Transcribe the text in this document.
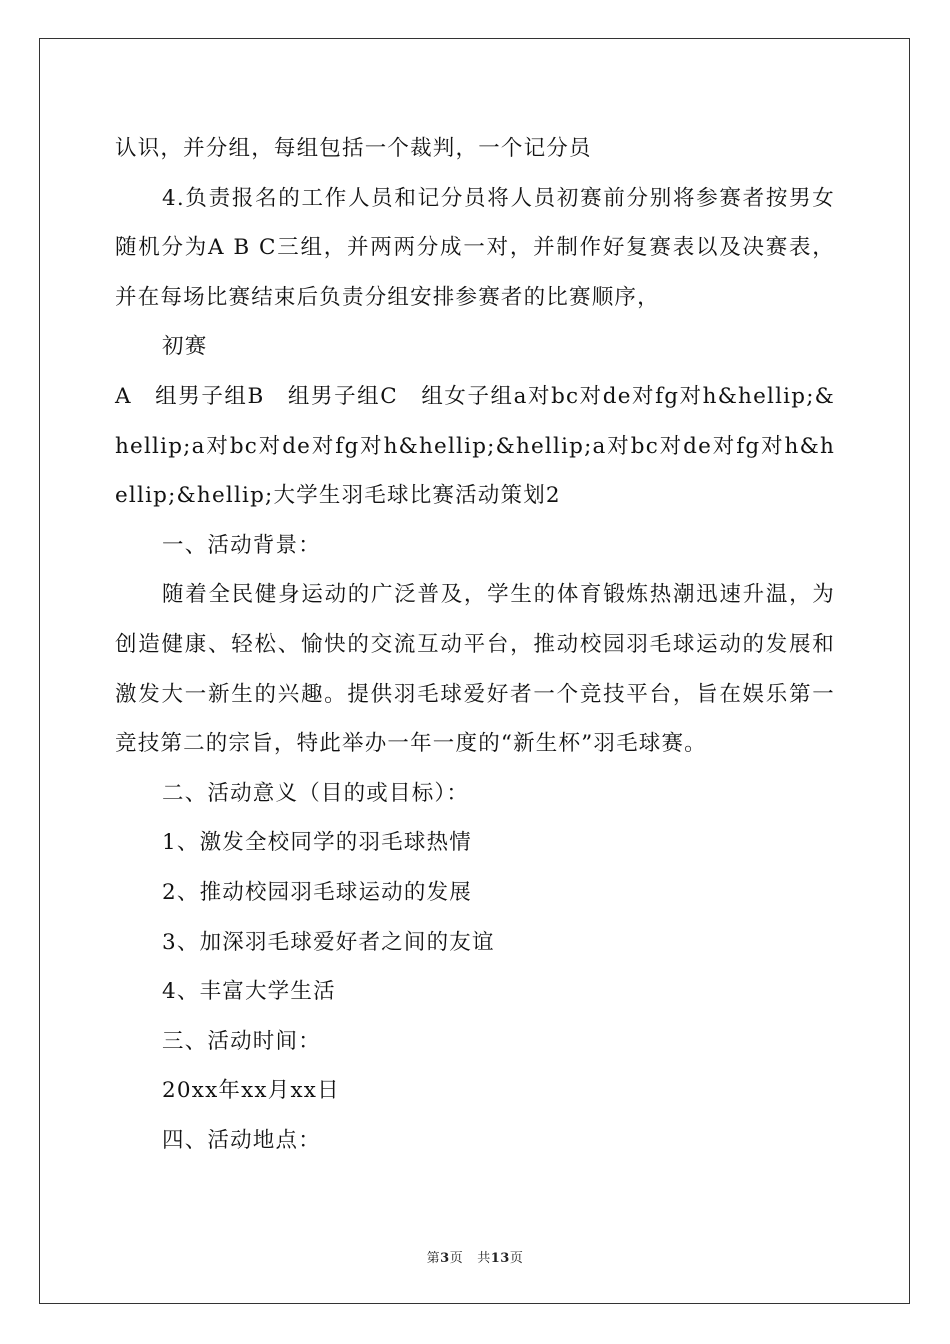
认识，并分组，每组包括一个裁判，一个记分员

4.负责报名的工作人员和记分员将人员初赛前分别将参赛者按男女随机分为A B C三组，并两两分成一对，并制作好复赛表以及决赛表，并在每场比赛结束后负责分组安排参赛者的比赛顺序，

初赛

A　组男子组B　组男子组C　组女子组a对bc对de对fg对h&hellip;&hellip;a对bc对de对fg对h&hellip;&hellip;a对bc对de对fg对h&hellip;&hellip;大学生羽毛球比赛活动策划2

一、活动背景：

随着全民健身运动的广泛普及，学生的体育锻炼热潮迅速升温，为创造健康、轻松、愉快的交流互动平台，推动校园羽毛球运动的发展和激发大一新生的兴趣。提供羽毛球爱好者一个竞技平台，旨在娱乐第一竞技第二的宗旨，特此举办一年一度的“新生杯”羽毛球赛。

二、活动意义（目的或目标）：

1、激发全校同学的羽毛球热情

2、推动校园羽毛球运动的发展

3、加深羽毛球爱好者之间的友谊

4、丰富大学生活

三、活动时间：

20xx年xx月xx日

四、活动地点：

第3页 共13页
